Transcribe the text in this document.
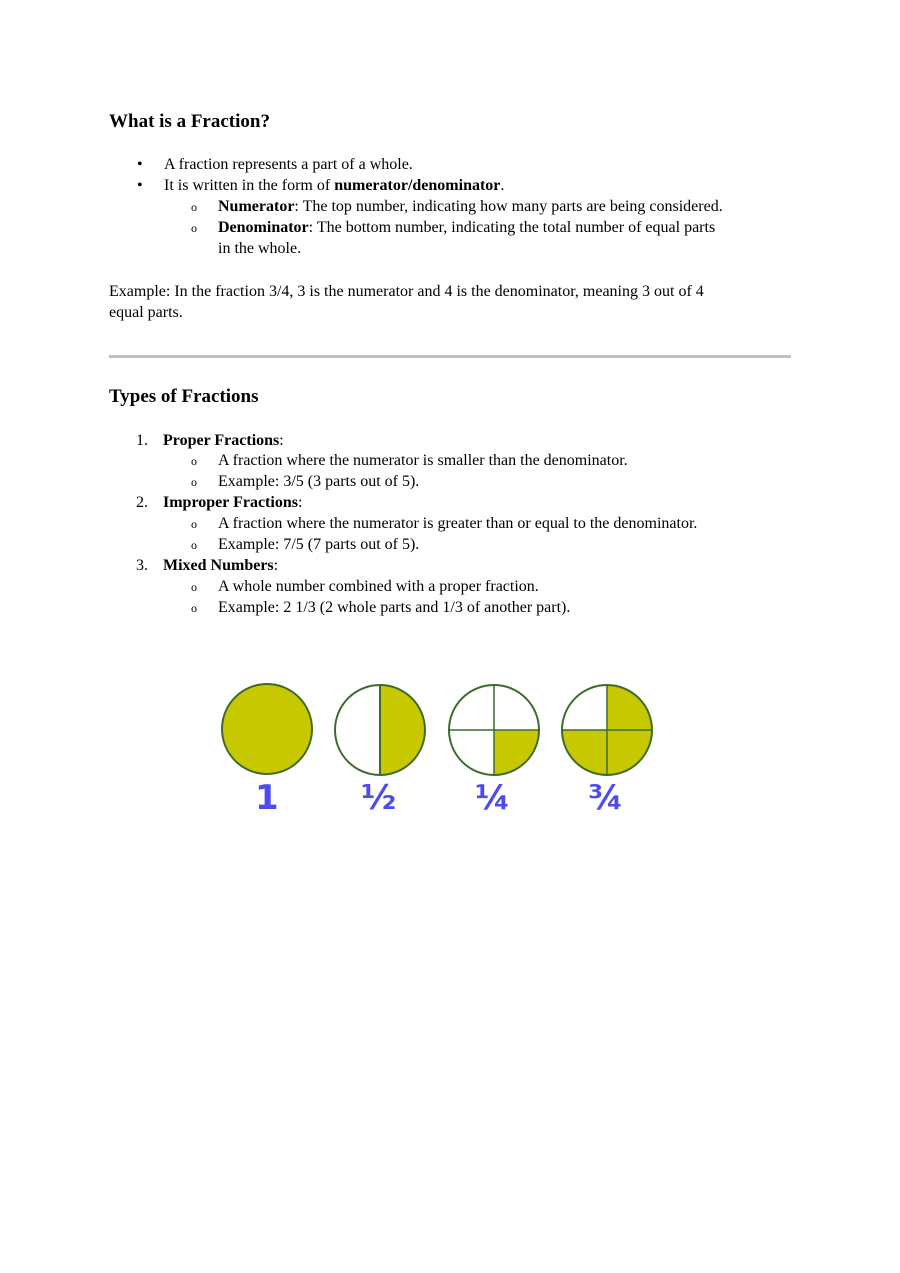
What is a Fraction?
• A fraction represents a part of a whole.
• It is written in the form of numerator/denominator.
o Numerator: The top number, indicating how many parts are being considered.
o Denominator: The bottom number, indicating the total number of equal parts
in the whole.
Example: In the fraction 3/4, 3 is the numerator and 4 is the denominator, meaning 3 out of 4
equal parts.
Types of Fractions
1. Proper Fractions:
o A fraction where the numerator is smaller than the denominator.
o Example: 3/5 (3 parts out of 5).
2. Improper Fractions:
o A fraction where the numerator is greater than or equal to the denominator.
o Example: 7/5 (7 parts out of 5).
3. Mixed Numbers:
o A whole number combined with a proper fraction.
o Example: 2 1/3 (2 whole parts and 1/3 of another part).
1 ½ ¼ ¾
